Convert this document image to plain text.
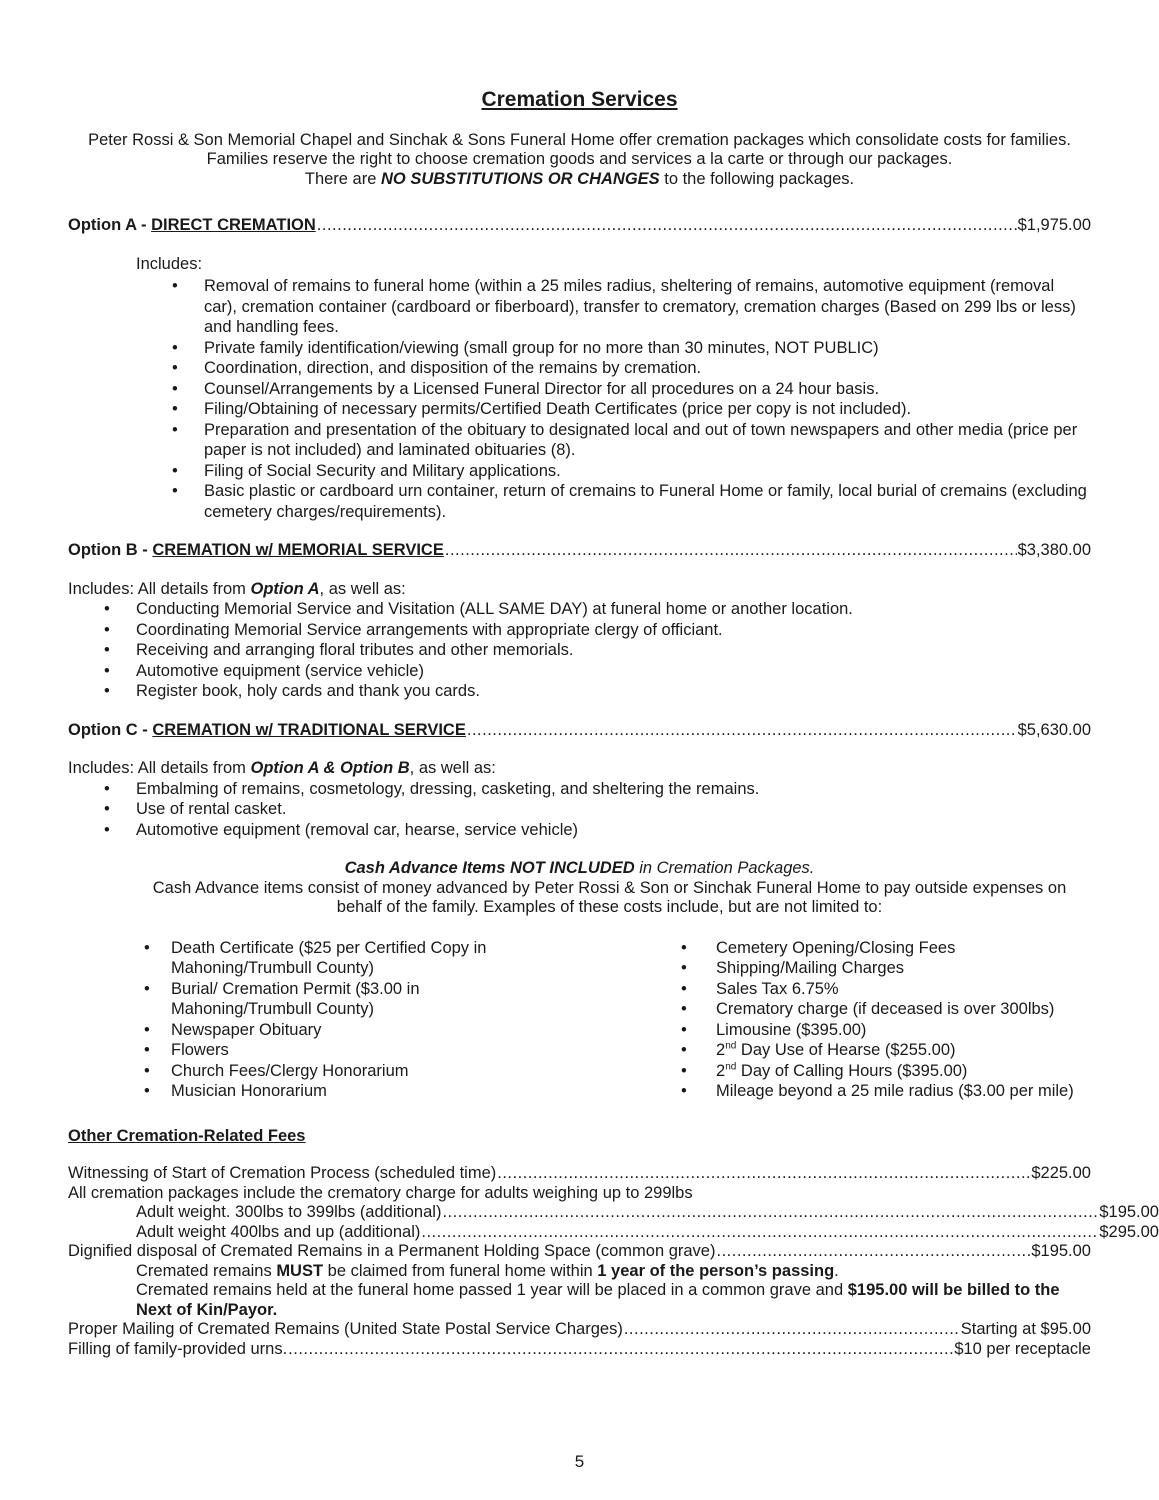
Cremation Services
Peter Rossi & Son Memorial Chapel and Sinchak & Sons Funeral Home offer cremation packages which consolidate costs for families.
Families reserve the right to choose cremation goods and services a la carte or through our packages.
There are NO SUBSTITUTIONS OR CHANGES to the following packages.
Option A - DIRECT CREMATION .....	$1,975.00
Includes:
• Removal of remains to funeral home (within a 25 miles radius, sheltering of remains, automotive equipment (removal car), cremation container (cardboard or fiberboard), transfer to crematory, cremation charges (Based on 299 lbs or less) and handling fees.
• Private family identification/viewing (small group for no more than 30 minutes, NOT PUBLIC)
• Coordination, direction, and disposition of the remains by cremation.
• Counsel/Arrangements by a Licensed Funeral Director for all procedures on a 24 hour basis.
• Filing/Obtaining of necessary permits/Certified Death Certificates (price per copy is not included).
• Preparation and presentation of the obituary to designated local and out of town newspapers and other media (price per paper is not included) and laminated obituaries (8).
• Filing of Social Security and Military applications.
• Basic plastic or cardboard urn container, return of cremains to Funeral Home or family, local burial of cremains (excluding cemetery charges/requirements).
Option B - CREMATION w/ MEMORIAL SERVICE .....	$3,380.00
Includes: All details from Option A, as well as:
• Conducting Memorial Service and Visitation (ALL SAME DAY) at funeral home or another location.
• Coordinating Memorial Service arrangements with appropriate clergy of officiant.
• Receiving and arranging floral tributes and other memorials.
• Automotive equipment (service vehicle)
• Register book, holy cards and thank you cards.
Option C - CREMATION w/ TRADITIONAL SERVICE .....	$5,630.00
Includes: All details from Option A & Option B, as well as:
• Embalming of remains, cosmetology, dressing, casketing, and sheltering the remains.
• Use of rental casket.
• Automotive equipment (removal car, hearse, service vehicle)
Cash Advance Items NOT INCLUDED in Cremation Packages.
Cash Advance items consist of money advanced by Peter Rossi & Son or Sinchak Funeral Home to pay outside expenses on behalf of the family. Examples of these costs include, but are not limited to:
• Death Certificate ($25 per Certified Copy in Mahoning/Trumbull County)
• Burial/ Cremation Permit ($3.00 in Mahoning/Trumbull County)
• Newspaper Obituary
• Flowers
• Church Fees/Clergy Honorarium
• Musician Honorarium
• Cemetery Opening/Closing Fees
• Shipping/Mailing Charges
• Sales Tax 6.75%
• Crematory charge (if deceased is over 300lbs)
• Limousine ($395.00)
• 2nd Day Use of Hearse ($255.00)
• 2nd Day of Calling Hours ($395.00)
• Mileage beyond a 25 mile radius ($3.00 per mile)
Other Cremation-Related Fees
Witnessing of Start of Cremation Process (scheduled time) .....	$225.00
All cremation packages include the crematory charge for adults weighing up to 299lbs
Adult weight. 300lbs to 399lbs (additional) .....	$195.00
Adult weight 400lbs and up (additional) .....	$295.00
Dignified disposal of Cremated Remains in a Permanent Holding Space (common grave) .....	$195.00
Cremated remains MUST be claimed from funeral home within 1 year of the person’s passing.
Cremated remains held at the funeral home passed 1 year will be placed in a common grave and $195.00 will be billed to the Next of Kin/Payor.
Proper Mailing of Cremated Remains (United State Postal Service Charges) .....	Starting at $95.00
Filling of family-provided urns. .....	$10 per receptacle
5
